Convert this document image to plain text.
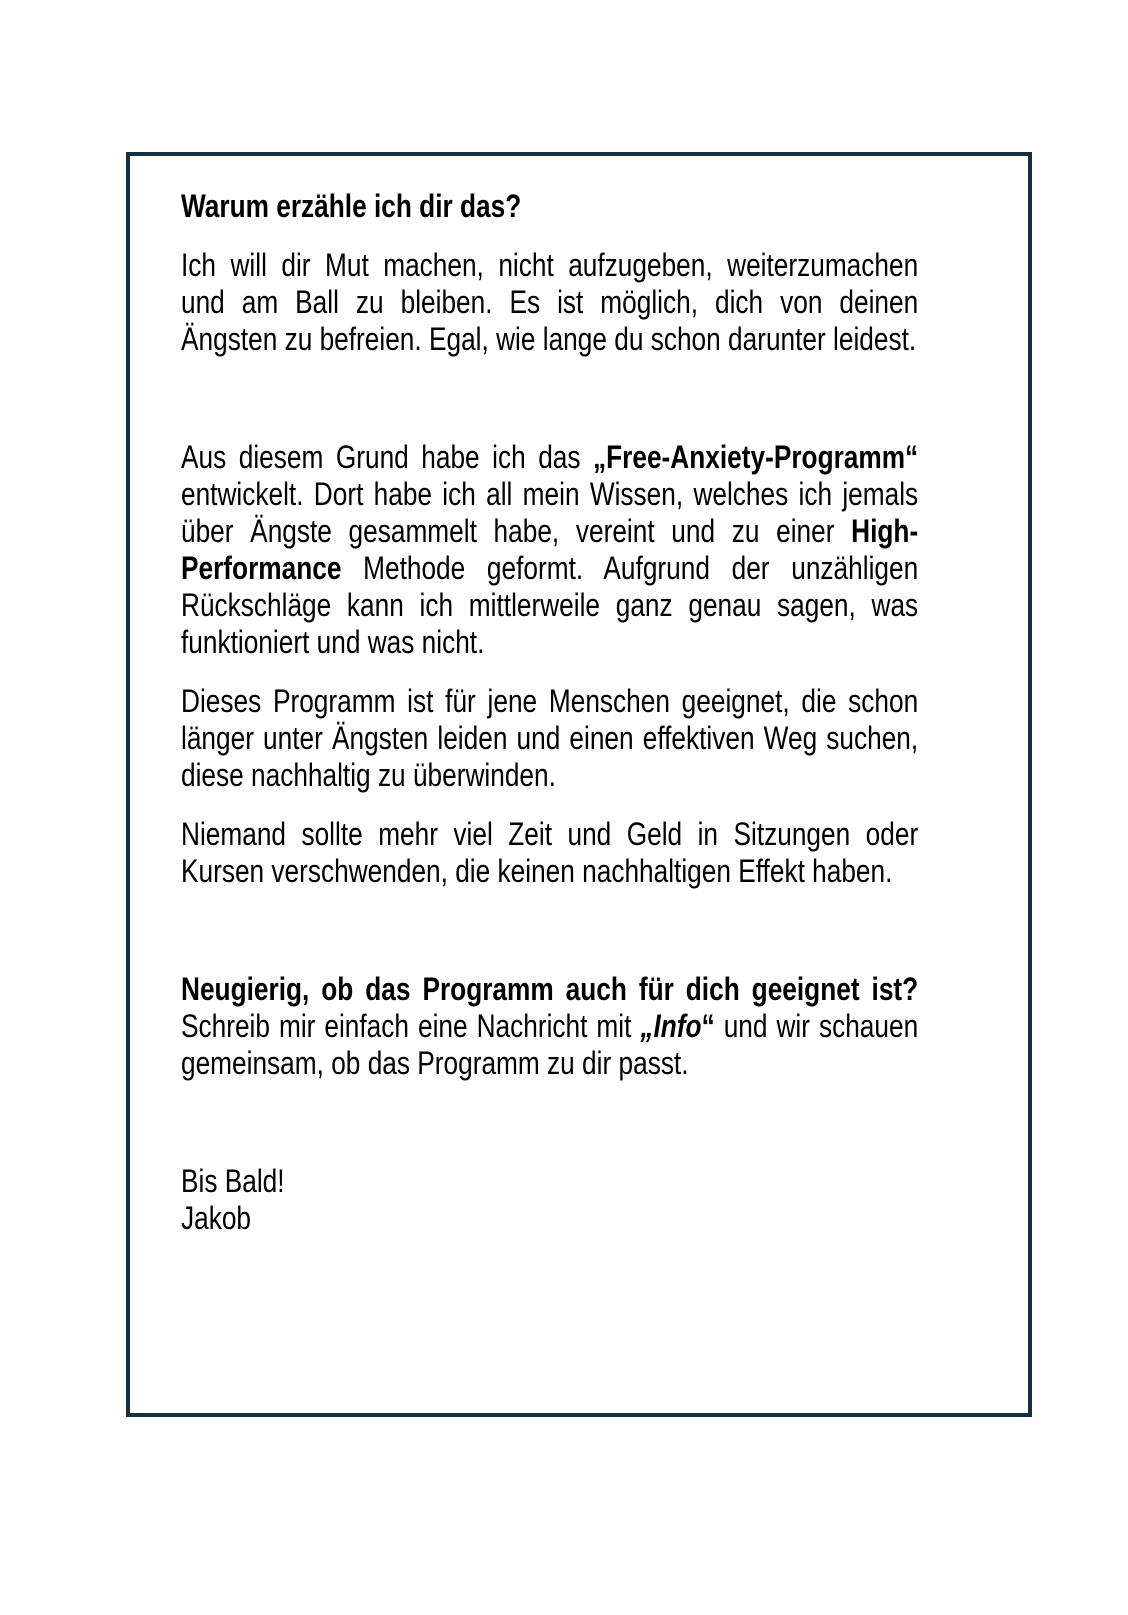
Warum erzähle ich dir das?

Ich will dir Mut machen, nicht aufzugeben, weiterzumachen und am Ball zu bleiben. Es ist möglich, dich von deinen Ängsten zu befreien. Egal, wie lange du schon darunter leidest.

Aus diesem Grund habe ich das „Free-Anxiety-Programm“ entwickelt. Dort habe ich all mein Wissen, welches ich jemals über Ängste gesammelt habe, vereint und zu einer High-Performance Methode geformt. Aufgrund der unzähligen Rückschläge kann ich mittlerweile ganz genau sagen, was funktioniert und was nicht.

Dieses Programm ist für jene Menschen geeignet, die schon länger unter Ängsten leiden und einen effektiven Weg suchen, diese nachhaltig zu überwinden.

Niemand sollte mehr viel Zeit und Geld in Sitzungen oder Kursen verschwenden, die keinen nachhaltigen Effekt haben.

Neugierig, ob das Programm auch für dich geeignet ist? Schreib mir einfach eine Nachricht mit „Info“ und wir schauen gemeinsam, ob das Programm zu dir passt.

Bis Bald!

Jakob
